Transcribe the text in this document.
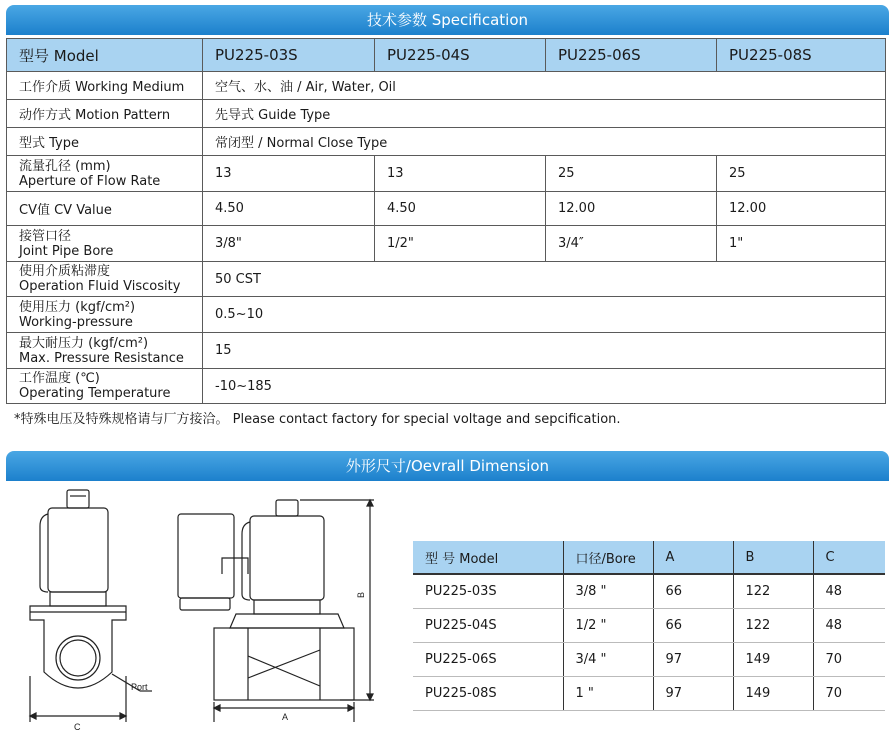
技术参数 Specification
型号 Model	PU225-03S	PU225-04S	PU225-06S	PU225-08S
工作介质 Working Medium	空气、水、油 / Air, Water, Oil			
动作方式 Motion Pattern	先导式 Guide Type			
型式 Type	常闭型 / Normal Close Type			
流量孔径 (mm)
Aperture of Flow Rate	13	13	25	25
CV值 CV Value	4.50	4.50	12.00	12.00
接管口径
Joint Pipe Bore	3/8"	1/2"	3/4″	1"
使用介质粘滞度
Operation Fluid Viscosity	50 CST			
使用压力 (kgf/cm²)
Working-pressure	0.5~10			
最大耐压力 (kgf/cm²)
Max. Pressure Resistance	15			
工作温度 (℃)
Operating Temperature	-10~185			
*特殊电压及特殊规格请与厂方接洽。 Please contact factory for special voltage and sepcification.
外形尺寸/Oevrall Dimension
Port
C
A
B
型 号 Model	口径/Bore	A	B	C
PU225-03S	3/8 "	66	122	48
PU225-04S	1/2 "	66	122	48
PU225-06S	3/4 "	97	149	70
PU225-08S	1 "	97	149	70
